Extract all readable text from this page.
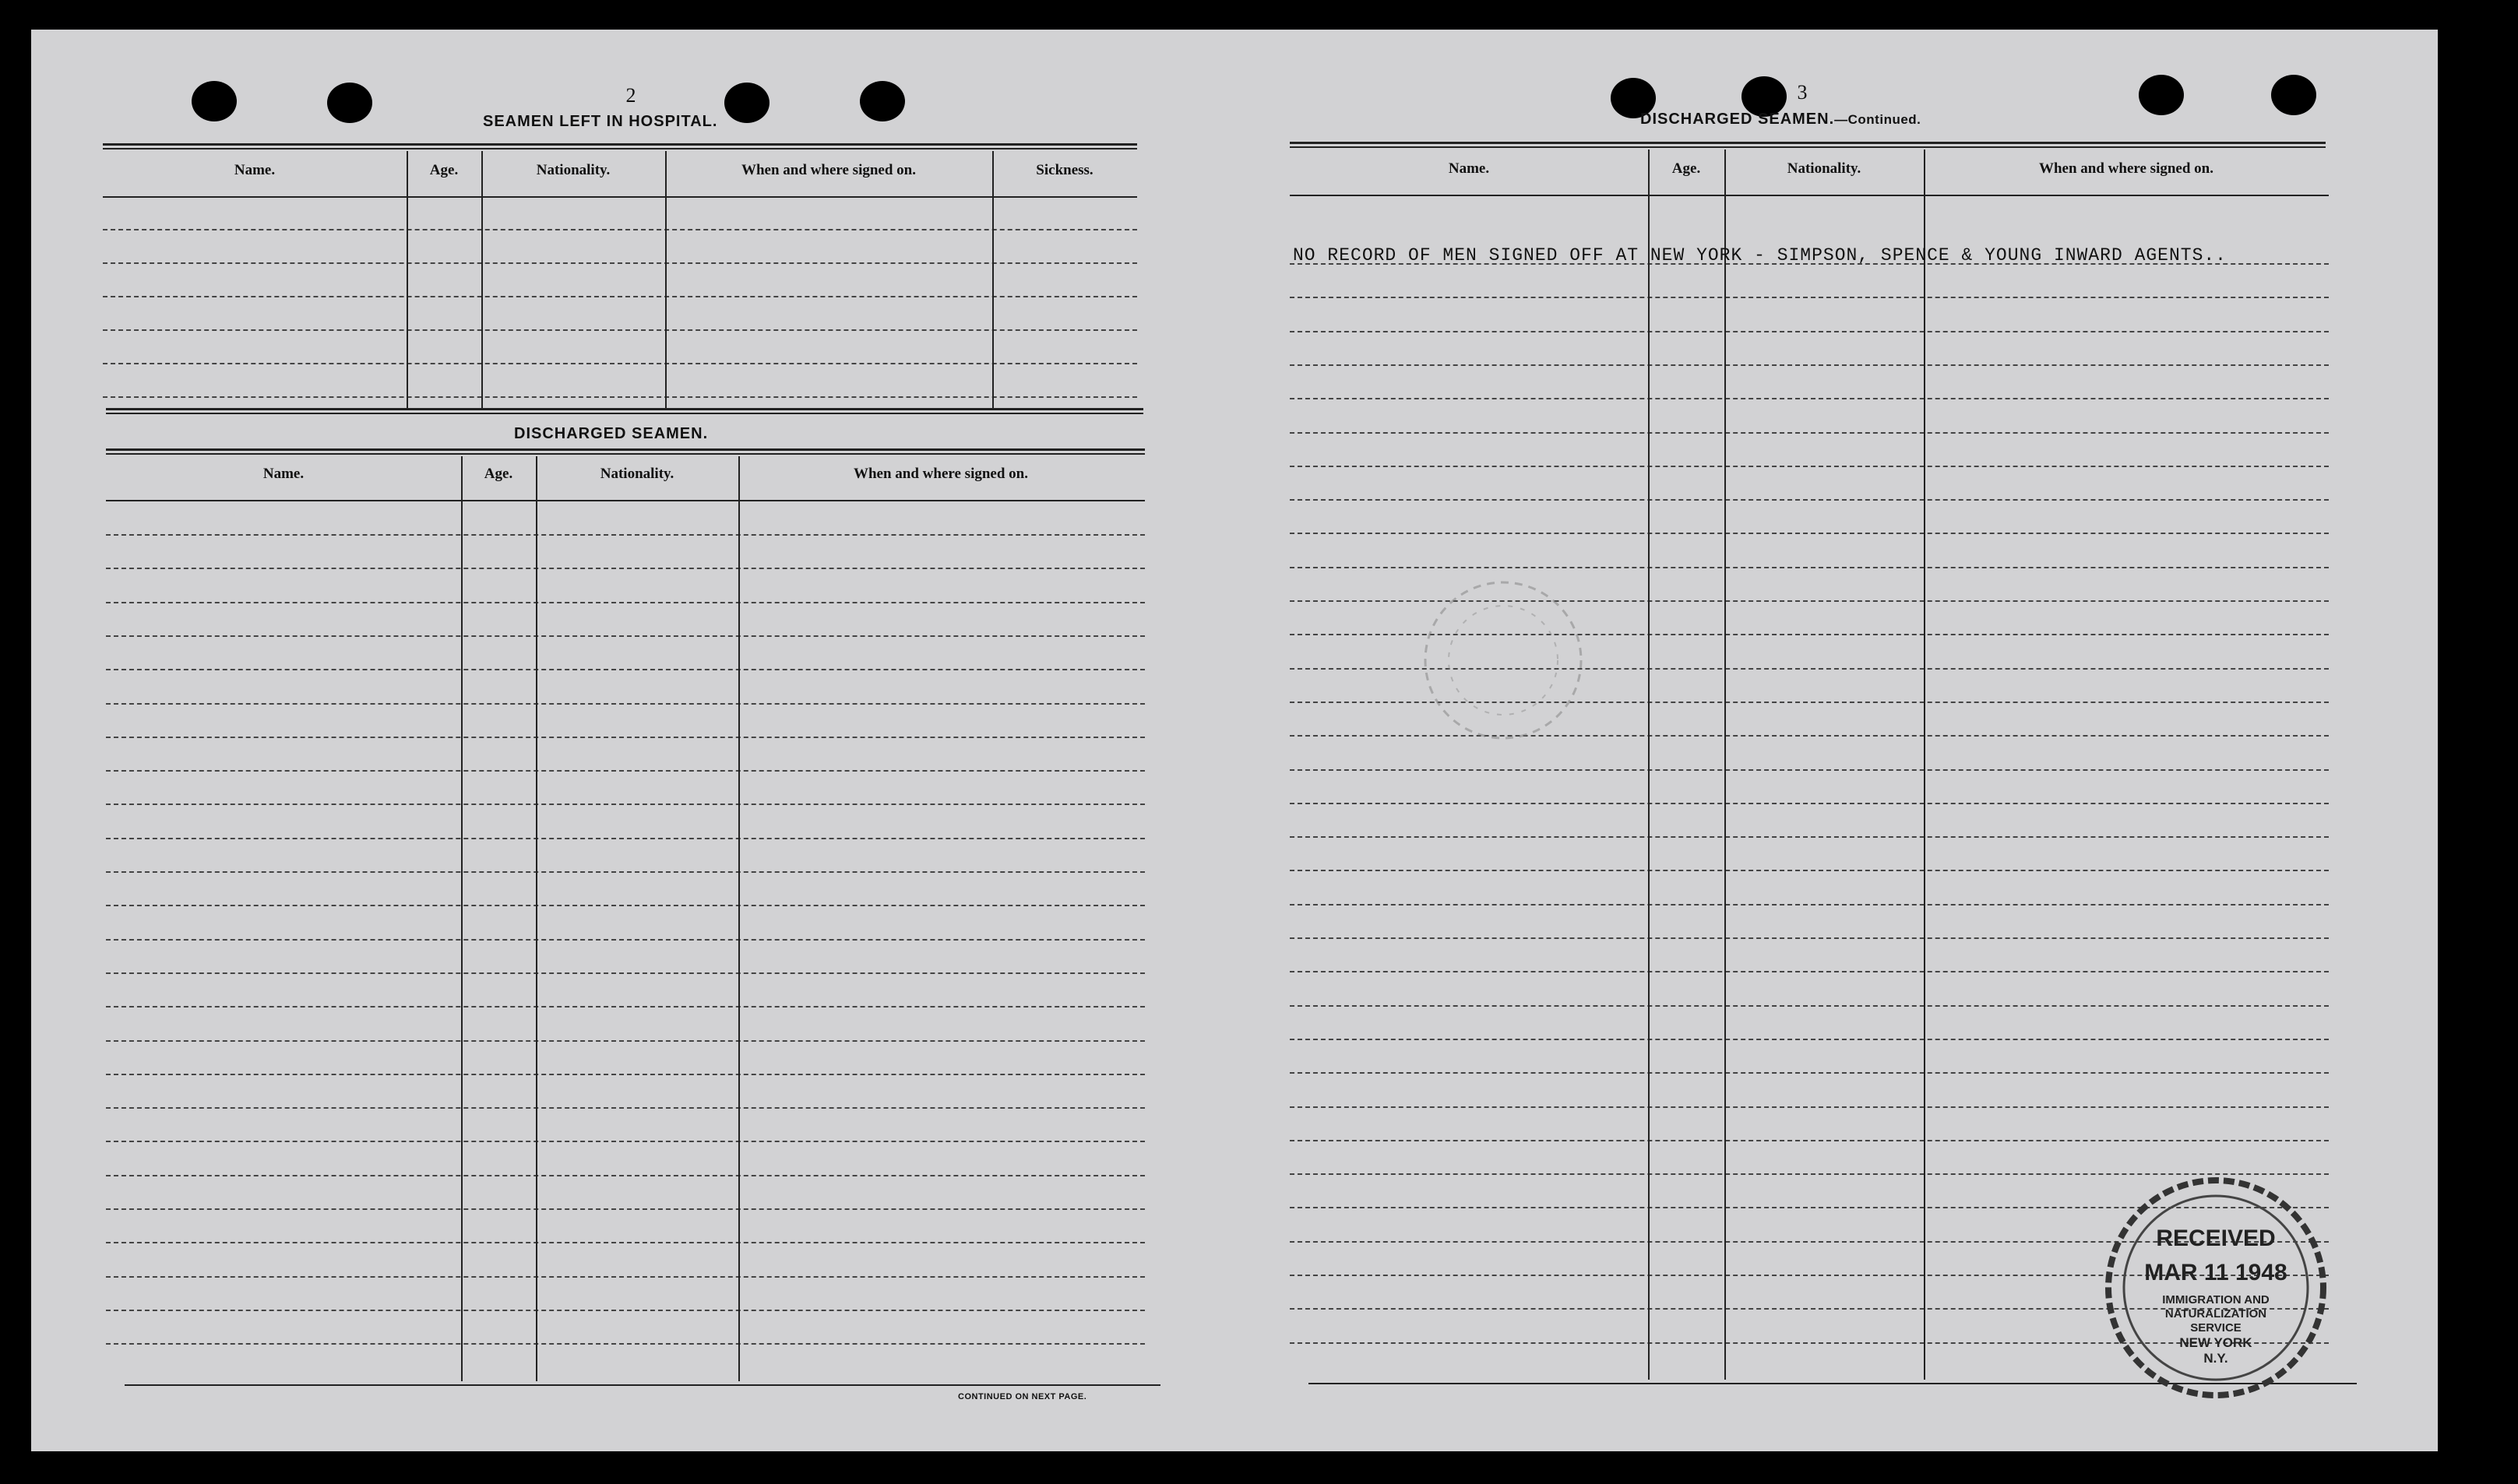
2
SEAMEN LEFT IN HOSPITAL.
Name.	Age.	Nationality.	When and where signed on.	Sickness.
DISCHARGED SEAMEN.
Name.	Age.	Nationality.	When and where signed on.
CONTINUED ON NEXT PAGE.
3
DISCHARGED SEAMEN.—Continued.
Name.	Age.	Nationality.	When and where signed on.
NO RECORD OF MEN SIGNED OFF AT NEW YORK - SIMPSON, SPENCE & YOUNG INWARD AGENTS..
RECEIVED
MAR 11 1948
IMMIGRATION AND
NATURALIZATION
SERVICE
NEW YORK
N.Y.
